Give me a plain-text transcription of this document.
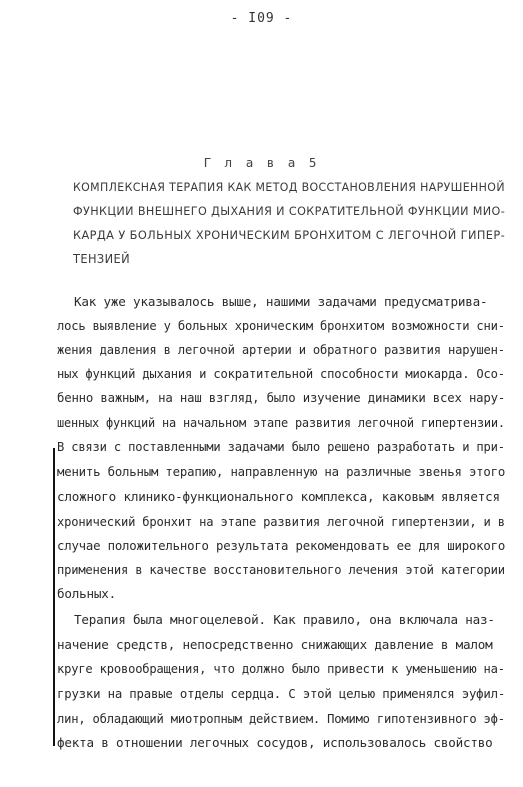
- I09 -
Г л а в а 5
КОМПЛЕКСНАЯ ТЕРАПИЯ КАК МЕТОД ВОССТАНОВЛЕНИЯ НАРУШЕННОЙ
ФУНКЦИИ ВНЕШНЕГО ДЫХАНИЯ И СОКРАТИТЕЛЬНОЙ ФУНКЦИИ МИО-
КАРДА У БОЛЬНЫХ ХРОНИЧЕСКИМ БРОНХИТОМ С ЛЕГОЧНОЙ ГИПЕР-
ТЕНЗИЕЙ
Как уже указывалось выше, нашими задачами предусматрива-
лось выявление у больных хроническим бронхитом возможности сни-
жения давления в легочной артерии и обратного развития нарушен-
ных функций дыхания и сократительной способности миокарда. Осо-
бенно важным, на наш взгляд, было изучение динамики всех нару-
шенных функций на начальном этапе развития легочной гипертензии.
В связи с поставленными задачами было решено разработать и при-
менить больным терапию, направленную на различные звенья этого
сложного клинико-функционального комплекса, каковым является
хронический бронхит на этапе развития легочной гипертензии, и в
случае положительного результата рекомендовать ее для широкого
применения в качестве восстановительного лечения этой категории
больных.
Терапия была многоцелевой. Как правило, она включала наз-
начение средств, непосредственно снижающих давление в малом
круге кровообращения, что должно было привести к уменьшению на-
грузки на правые отделы сердца. С этой целью применялся эуфил-
лин, обладающий миотропным действием. Помимо гипотензивного эф-
фекта в отношении легочных сосудов, использовалось свойство
